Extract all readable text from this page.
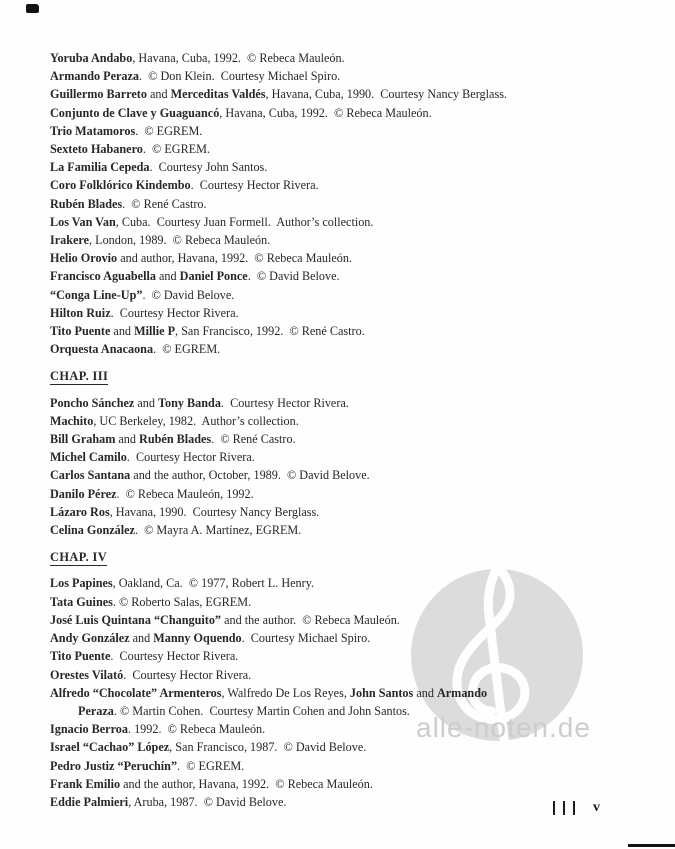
alle-noten.de
Yoruba Andabo, Havana, Cuba, 1992.  © Rebeca Mauleón.
Armando Peraza.  © Don Klein.  Courtesy Michael Spiro.
Guillermo Barreto and Merceditas Valdés, Havana, Cuba, 1990.  Courtesy Nancy Berglass.
Conjunto de Clave y Guaguancó, Havana, Cuba, 1992.  © Rebeca Mauleón.
Trio Matamoros.  © EGREM.
Sexteto Habanero.  © EGREM.
La Familia Cepeda.  Courtesy John Santos.
Coro Folklórico Kindembo.  Courtesy Hector Rivera.
Rubén Blades.  © René Castro.
Los Van Van, Cuba.  Courtesy Juan Formell.  Author’s collection.
Irakere, London, 1989.  © Rebeca Mauleón.
Helio Orovio and author, Havana, 1992.  © Rebeca Mauleón.
Francisco Aguabella and Daniel Ponce.  © David Belove.
“Conga Line-Up”.  © David Belove.
Hilton Ruiz.  Courtesy Hector Rivera.
Tito Puente and Millie P, San Francisco, 1992.  © René Castro.
Orquesta Anacaona.  © EGREM.
CHAP. III
Poncho Sánchez and Tony Banda.  Courtesy Hector Rivera.
Machito, UC Berkeley, 1982.  Author’s collection.
Bill Graham and Rubén Blades.  © René Castro.
Michel Camilo.  Courtesy Hector Rivera.
Carlos Santana and the author, October, 1989.  © David Belove.
Danilo Pérez.  © Rebeca Mauleón, 1992.
Lázaro Ros, Havana, 1990.  Courtesy Nancy Berglass.
Celina González.  © Mayra A. Martínez, EGREM.
CHAP. IV
Los Papines, Oakland, Ca.  © 1977, Robert L. Henry.
Tata Guines. © Roberto Salas, EGREM.
José Luis Quintana “Changuito” and the author.  © Rebeca Mauleón.
Andy González and Manny Oquendo.  Courtesy Michael Spiro.
Tito Puente.  Courtesy Hector Rivera.
Orestes Vilató.  Courtesy Hector Rivera.
Alfredo “Chocolate” Armenteros, Walfredo De Los Reyes, John Santos and Armando
Peraza. © Martin Cohen.  Courtesy Martin Cohen and John Santos.
Ignacio Berroa. 1992.  © Rebeca Mauleón.
Israel “Cachao” López, San Francisco, 1987.  © David Belove.
Pedro Justiz “Peruchín”.  © EGREM.
Frank Emilio and the author, Havana, 1992.  © Rebeca Mauleón.
Eddie Palmieri, Aruba, 1987.  © David Belove.	v
